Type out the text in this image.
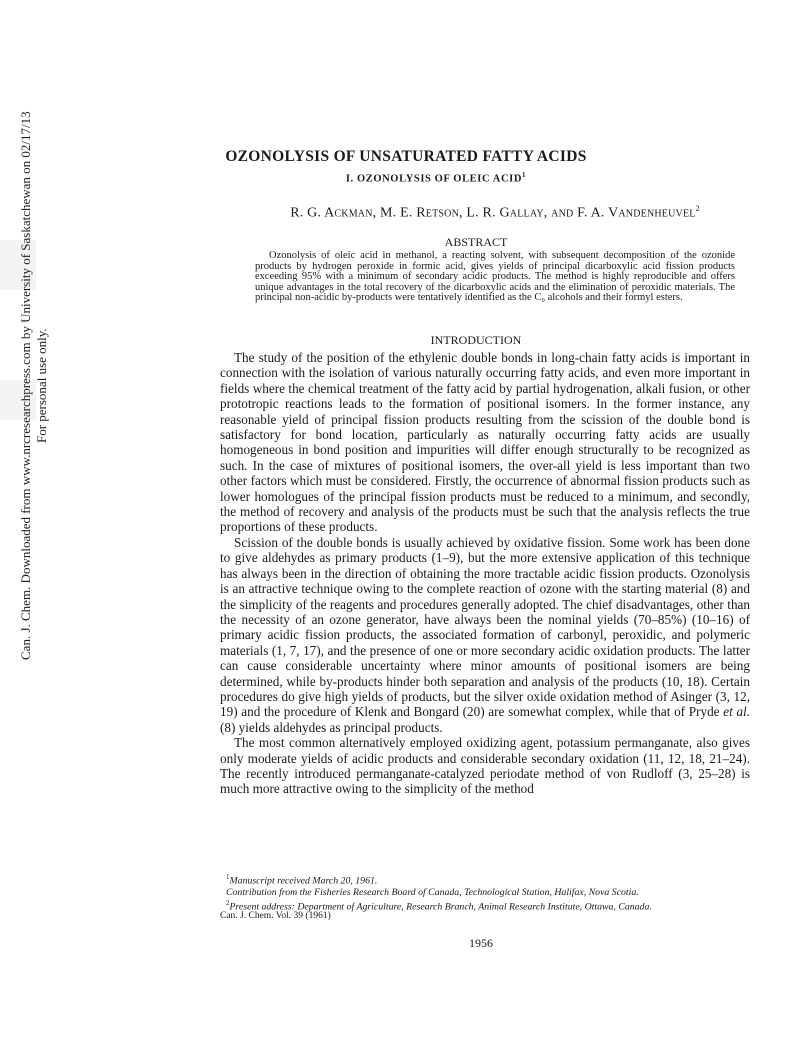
Can. J. Chem. Downloaded from www.nrcresearchpress.com by University of Saskatchewan on 02/17/13 For personal use only.
OZONOLYSIS OF UNSATURATED FATTY ACIDS
I. OZONOLYSIS OF OLEIC ACID$^1$
R. G. Ackman, M. E. Retson, L. R. Gallay, and F. A. Vandenheuvel$^2$
ABSTRACT
Ozonolysis of oleic acid in methanol, a reacting solvent, with subsequent decomposition of the ozonide products by hydrogen peroxide in formic acid, gives yields of principal dicarboxylic acid fission products exceeding 95% with a minimum of secondary acidic products. The method is highly reproducible and offers unique advantages in the total recovery of the dicarboxylic acids and the elimination of peroxidic materials. The principal non-acidic by-products were tentatively identified as the C₉ alcohols and their formyl esters.
INTRODUCTION

The study of the position of the ethylenic double bonds in long-chain fatty acids is important in connection with the isolation of various naturally occurring fatty acids, and even more important in fields where the chemical treatment of the fatty acid by partial hydrogenation, alkali fusion, or other prototropic reactions leads to the formation of positional isomers. In the former instance, any reasonable yield of principal fission products resulting from the scission of the double bond is satisfactory for bond location, particularly as naturally occurring fatty acids are usually homogeneous in bond position and impurities will differ enough structurally to be recognized as such. In the case of mixtures of positional isomers, the over-all yield is less important than two other factors which must be considered. Firstly, the occurrence of abnormal fission products such as lower homologues of the principal fission products must be reduced to a minimum, and secondly, the method of recovery and analysis of the products must be such that the analysis reflects the true proportions of these products.

Scission of the double bonds is usually achieved by oxidative fission. Some work has been done to give aldehydes as primary products (1–9), but the more extensive application of this technique has always been in the direction of obtaining the more tractable acidic fission products. Ozonolysis is an attractive technique owing to the complete reaction of ozone with the starting material (8) and the simplicity of the reagents and procedures generally adopted. The chief disadvantages, other than the necessity of an ozone generator, have always been the nominal yields (70–85%) (10–16) of primary acidic fission products, the associated formation of carbonyl, peroxidic, and polymeric materials (1, 7, 17), and the presence of one or more secondary acidic oxidation products. The latter can cause considerable uncertainty where minor amounts of positional isomers are being determined, while by-products hinder both separation and analysis of the products (10, 18). Certain procedures do give high yields of products, but the silver oxide oxidation method of Asinger (3, 12, 19) and the procedure of Klenk and Bongard (20) are somewhat complex, while that of Pryde et al. (8) yields aldehydes as principal products.

The most common alternatively employed oxidizing agent, potassium permanganate, also gives only moderate yields of acidic products and considerable secondary oxidation (11, 12, 18, 21–24). The recently introduced permanganate-catalyzed periodate method of von Rudloff (3, 25–28) is much more attractive owing to the simplicity of the method

$^1$Manuscript received March 20, 1961.
Contribution from the Fisheries Research Board of Canada, Technological Station, Halifax, Nova Scotia.
$^2$Present address: Department of Agriculture, Research Branch, Animal Research Institute, Ottawa, Canada.
Can. J. Chem. Vol. 39 (1961)
1956
